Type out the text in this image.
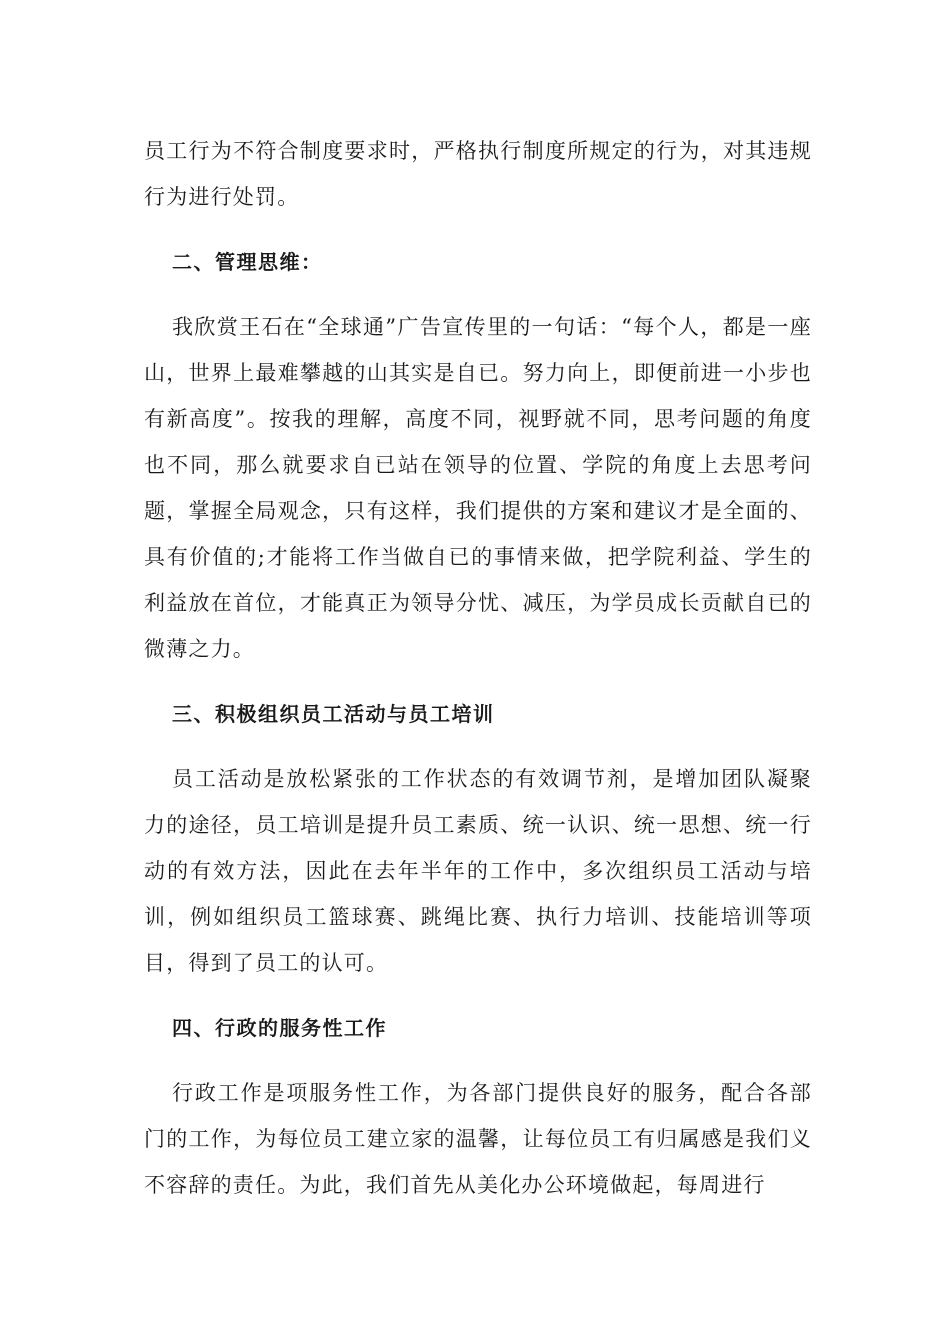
员工行为不符合制度要求时，严格执行制度所规定的行为，对其违规行为进行处罚。

二、管理思维：

我欣赏王石在“全球通”广告宣传里的一句话：“每个人，都是一座山，世界上最难攀越的山其实是自已。努力向上，即便前进一小步也有新高度”。按我的理解，高度不同，视野就不同，思考问题的角度也不同，那么就要求自已站在领导的位置、学院的角度上去思考问题，掌握全局观念，只有这样，我们提供的方案和建议才是全面的、具有价值的;才能将工作当做自已的事情来做，把学院利益、学生的利益放在首位，才能真正为领导分忧、减压，为学员成长贡献自已的微薄之力。

三、积极组织员工活动与员工培训

员工活动是放松紧张的工作状态的有效调节剂，是增加团队凝聚力的途径，员工培训是提升员工素质、统一认识、统一思想、统一行动的有效方法，因此在去年半年的工作中，多次组织员工活动与培训，例如组织员工篮球赛、跳绳比赛、执行力培训、技能培训等项目，得到了员工的认可。

四、行政的服务性工作

行政工作是项服务性工作，为各部门提供良好的服务，配合各部门的工作，为每位员工建立家的温馨，让每位员工有归属感是我们义不容辞的责任。为此，我们首先从美化办公环境做起，每周进行
